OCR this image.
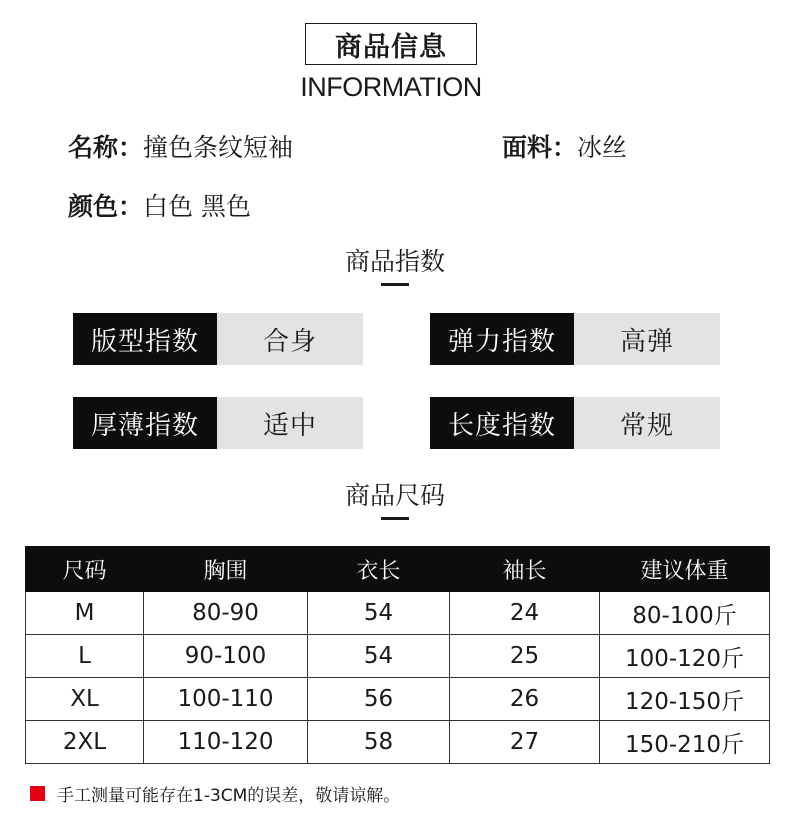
商品信息
INFORMATION
名称：撞色条纹短袖	面料：冰丝
颜色：白色 黑色
商品指数
版型指数	合身	弹力指数	高弹
厚薄指数	适中	长度指数	常规
商品尺码
尺码	胸围	衣长	袖长	建议体重
M	80-90	54	24	80-100斤
L	90-100	54	25	100-120斤
XL	100-110	56	26	120-150斤
2XL	110-120	58	27	150-210斤
手工测量可能存在1-3CM的误差，敬请谅解。
